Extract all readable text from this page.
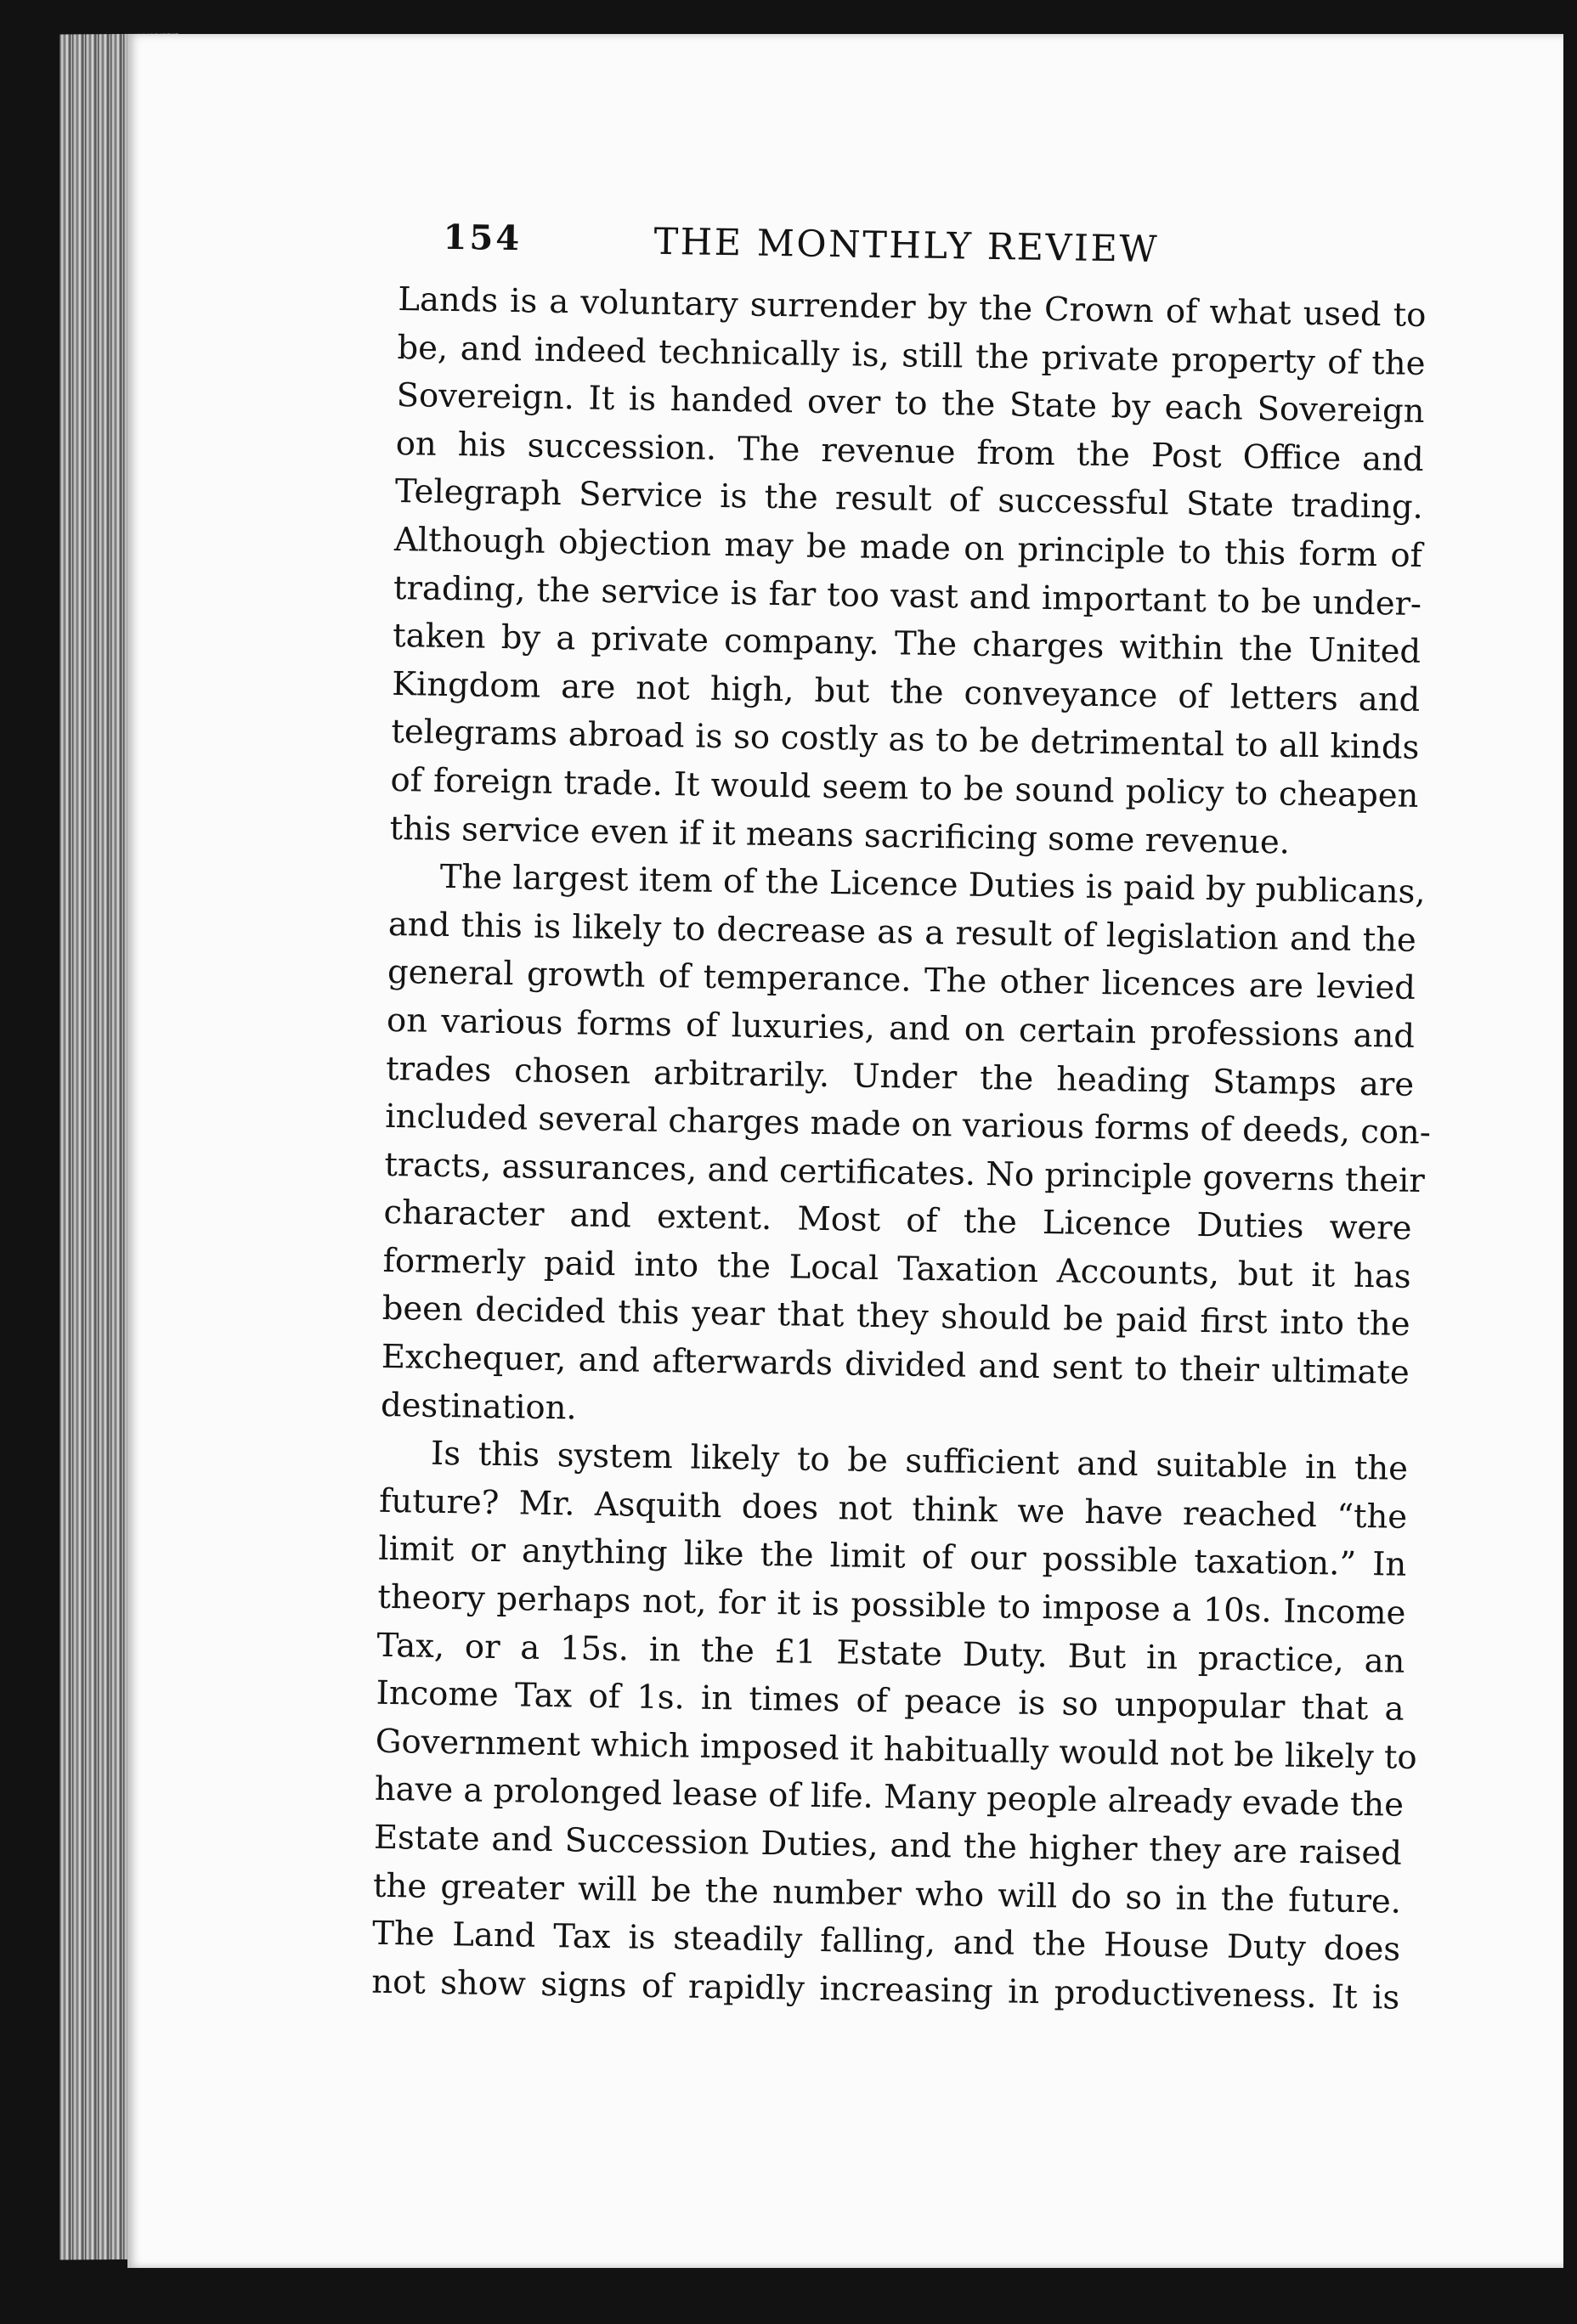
154	THE MONTHLY REVIEW

Lands is a voluntary surrender by the Crown of what used to
be, and indeed technically is, still the private property of the
Sovereign. It is handed over to the State by each Sovereign
on his succession. The revenue from the Post Office and
Telegraph Service is the result of successful State trading.
Although objection may be made on principle to this form of
trading, the service is far too vast and important to be under-
taken by a private company. The charges within the United
Kingdom are not high, but the conveyance of letters and
telegrams abroad is so costly as to be detrimental to all kinds
of foreign trade. It would seem to be sound policy to cheapen
this service even if it means sacrificing some revenue.

The largest item of the Licence Duties is paid by publicans,
and this is likely to decrease as a result of legislation and the
general growth of temperance. The other licences are levied
on various forms of luxuries, and on certain professions and
trades chosen arbitrarily. Under the heading Stamps are
included several charges made on various forms of deeds, con-
tracts, assurances, and certificates. No principle governs their
character and extent. Most of the Licence Duties were
formerly paid into the Local Taxation Accounts, but it has
been decided this year that they should be paid first into the
Exchequer, and afterwards divided and sent to their ultimate
destination.

Is this system likely to be sufficient and suitable in the
future? Mr. Asquith does not think we have reached “the
limit or anything like the limit of our possible taxation.” In
theory perhaps not, for it is possible to impose a 10s. Income
Tax, or a 15s. in the £1 Estate Duty. But in practice, an
Income Tax of 1s. in times of peace is so unpopular that a
Government which imposed it habitually would not be likely to
have a prolonged lease of life. Many people already evade the
Estate and Succession Duties, and the higher they are raised
the greater will be the number who will do so in the future.
The Land Tax is steadily falling, and the House Duty does
not show signs of rapidly increasing in productiveness. It is
